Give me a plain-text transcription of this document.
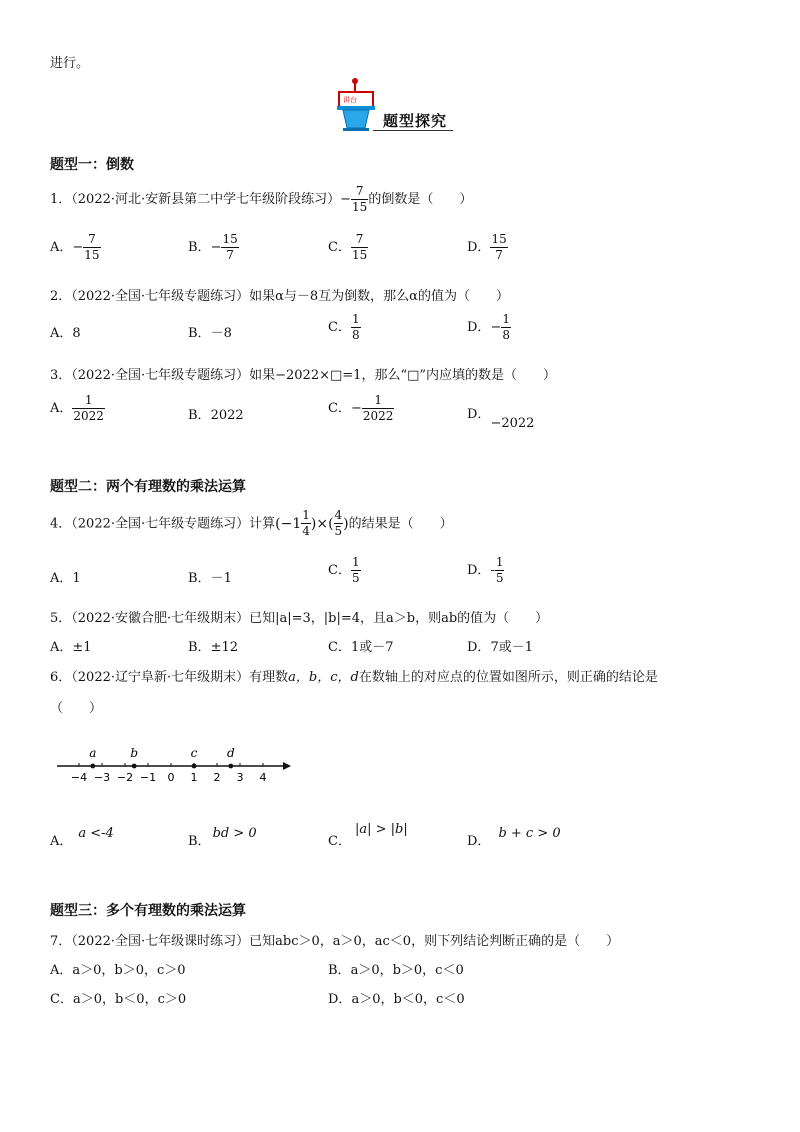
进行。
讲台
题型探究
题型一：倒数
1．（2022·河北·安新县第二中学七年级阶段练习）− $\frac{7}{15}$ 的倒数是（　　）
A．− $\frac{7}{15}$	B．− $\frac{15}{7}$	C． $\frac{7}{15}$	D． $\frac{15}{7}$
2．（2022·全国·七年级专题练习）如果α与－8互为倒数，那么α的值为（　　）
A．8	B．－8	C． $\frac{1}{8}$	D．− $\frac{1}{8}$
3．（2022·全国·七年级专题练习）如果−2022×□=1，那么“□”内应填的数是（　　）
A． $\frac{1}{2022}$	B．2022	C．− $\frac{1}{2022}$	D．−2022
题型二：两个有理数的乘法运算
4．（2022·全国·七年级专题练习）计算($-1 \frac{1}{4}$ )×( $\frac{4}{5}$ )的结果是（　　）
A．1	B．－1
C． $\frac{1}{5}$	D．- $\frac{1}{5}$
5．（2022·安徽合肥·七年级期末）已知|a|=3，|b|=4，且a＞b，则ab的值为（　　）
A．±1	B．±12	C．1或－7	D．7或－1
6．（2022·辽宁阜新·七年级期末）有理数a，b，c，d在数轴上的对应点的位置如图所示，则正确的结论是
（　　）
−4 −3 −2 −1 0 1 2 3 4
a	b	c d
A．a <-4
B．bd > 0
C．|a| > |b|
D．b + c > 0
题型三：多个有理数的乘法运算
7．（2022·全国·七年级课时练习）已知abc＞0，a＞0，ac＜0，则下列结论判断正确的是（　　）
A．a＞0，b＞0，c＞0	B．a＞0，b＞0，c＜0
C．a＞0，b＜0，c＞0	D．a＞0，b＜0，c＜0
